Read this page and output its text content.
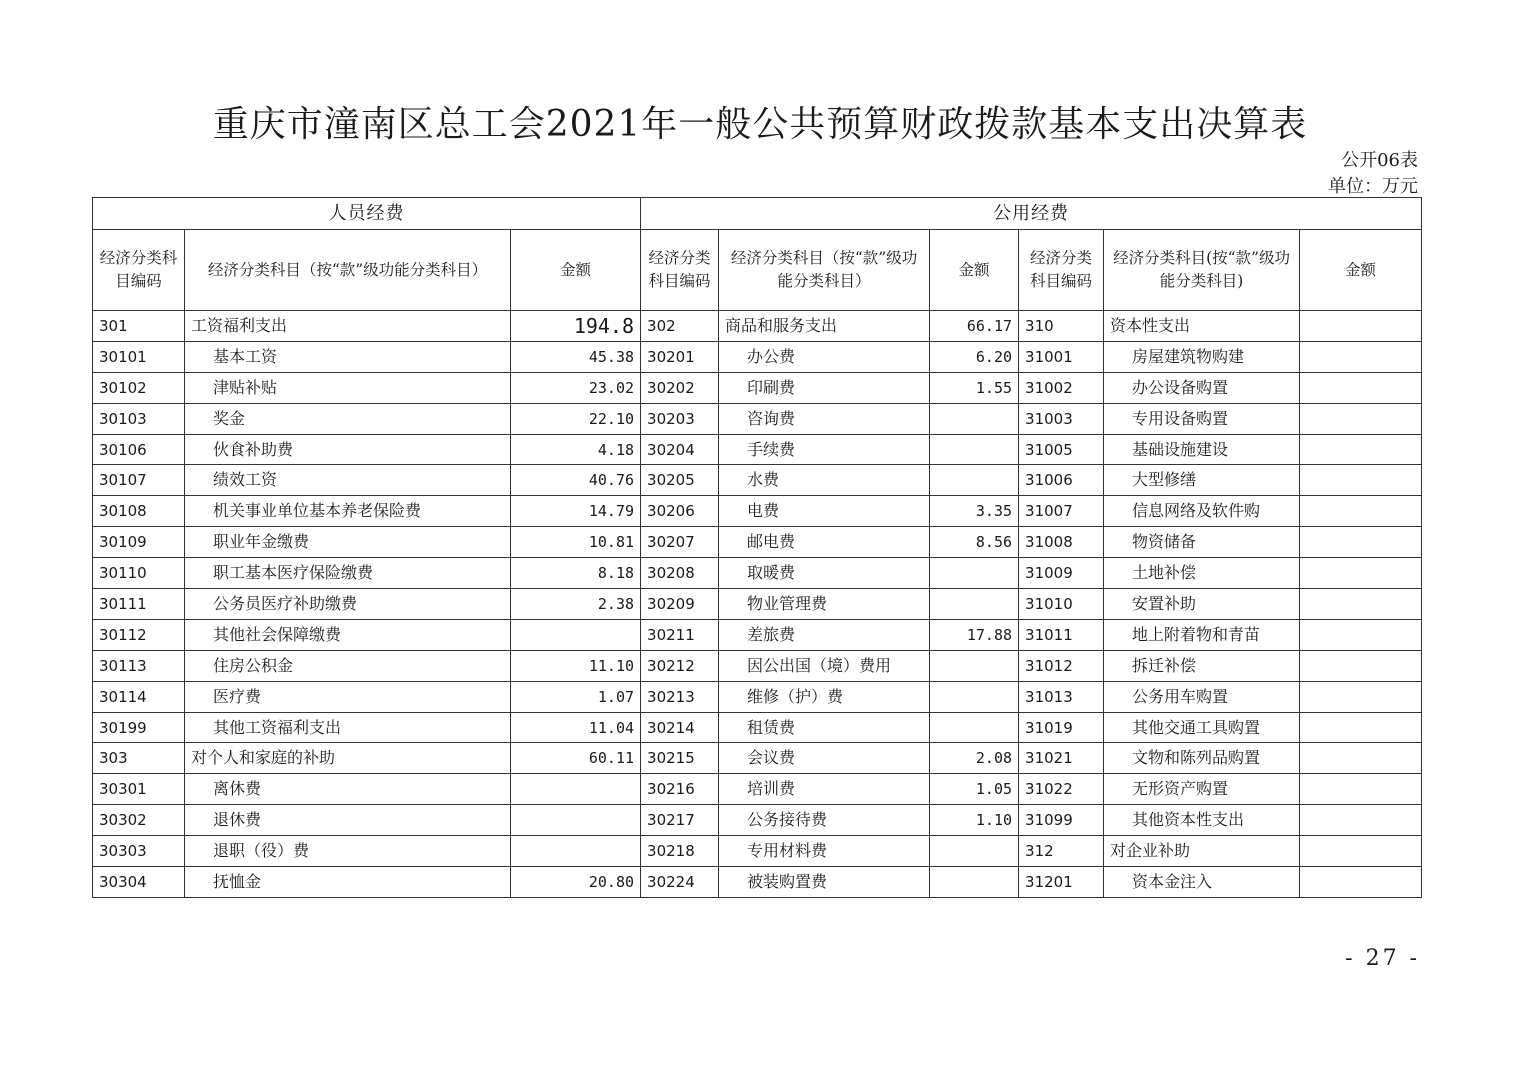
重庆市潼南区总工会2021年一般公共预算财政拨款基本支出决算表
公开06表
单位：万元
人员经费			公用经费					
经济分类科目编码	经济分类科目（按“款”级功能分类科目）	金额	经济分类科目编码	经济分类科目（按“款”级功能分类科目）	金额	经济分类科目编码	经济分类科目(按“款”级功能分类科目)	金额
301	工资福利支出	194.8	302	商品和服务支出	66.17	310	资本性支出	
30101	基本工资	45.38	30201	办公费	6.20	31001	房屋建筑物购建	
30102	津贴补贴	23.02	30202	印刷费	1.55	31002	办公设备购置	
30103	奖金	22.10	30203	咨询费		31003	专用设备购置	
30106	伙食补助费	4.18	30204	手续费		31005	基础设施建设	
30107	绩效工资	40.76	30205	水费		31006	大型修缮	
30108	机关事业单位基本养老保险费	14.79	30206	电费	3.35	31007	信息网络及软件购	
30109	职业年金缴费	10.81	30207	邮电费	8.56	31008	物资储备	
30110	职工基本医疗保险缴费	8.18	30208	取暖费		31009	土地补偿	
30111	公务员医疗补助缴费	2.38	30209	物业管理费		31010	安置补助	
30112	其他社会保障缴费		30211	差旅费	17.88	31011	地上附着物和青苗	
30113	住房公积金	11.10	30212	因公出国（境）费用		31012	拆迁补偿	
30114	医疗费	1.07	30213	维修（护）费		31013	公务用车购置	
30199	其他工资福利支出	11.04	30214	租赁费		31019	其他交通工具购置	
303	对个人和家庭的补助	60.11	30215	会议费	2.08	31021	文物和陈列品购置	
30301	离休费		30216	培训费	1.05	31022	无形资产购置	
30302	退休费		30217	公务接待费	1.10	31099	其他资本性支出	
30303	退职（役）费		30218	专用材料费		312	对企业补助	
30304	抚恤金	20.80	30224	被装购置费		31201	资本金注入	
- 27 -
